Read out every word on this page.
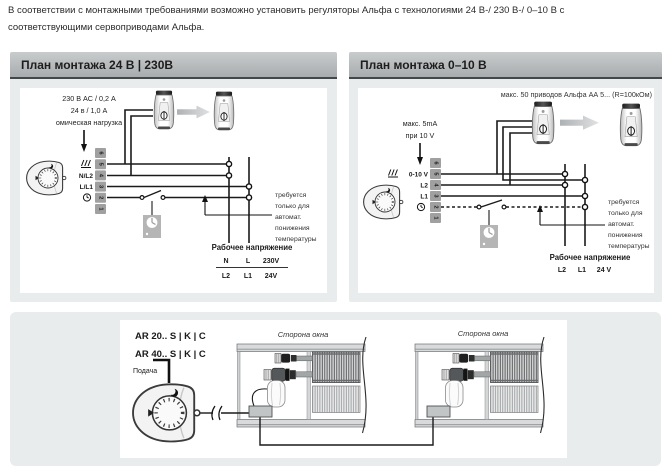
В соответствии с монтажными требованиями возможно установить регуляторы Альфа с технологиями 24 В-/ 230 В-/ 0–10 В с
соответствующими сервоприводами Альфа.
План монтажа 24 В | 230В
230 В AC / 0,2 А
24 в / 1,0 А
омическая нагрузка
6
5
4
3
2
1
N/L2
L/L1
требуется
только для
автомат.
понижения
температуры
Рабочее напряжение
N L 230V
L2 L1 24V
План монтажа 0–10 В
макс. 50 приводов Альфа АА 5... (R=100кОм)
макс. 5mA
при 10 V
6
5
4
3
2
1
0-10 V
L2
L1
требуется
только для
автомат.
понижения
температуры
Рабочее напряжение
L2 L1 24 V
Сторона окна	Сторона окна
AR 20.. S | K | C
AR 40.. S | K | C
Подача
